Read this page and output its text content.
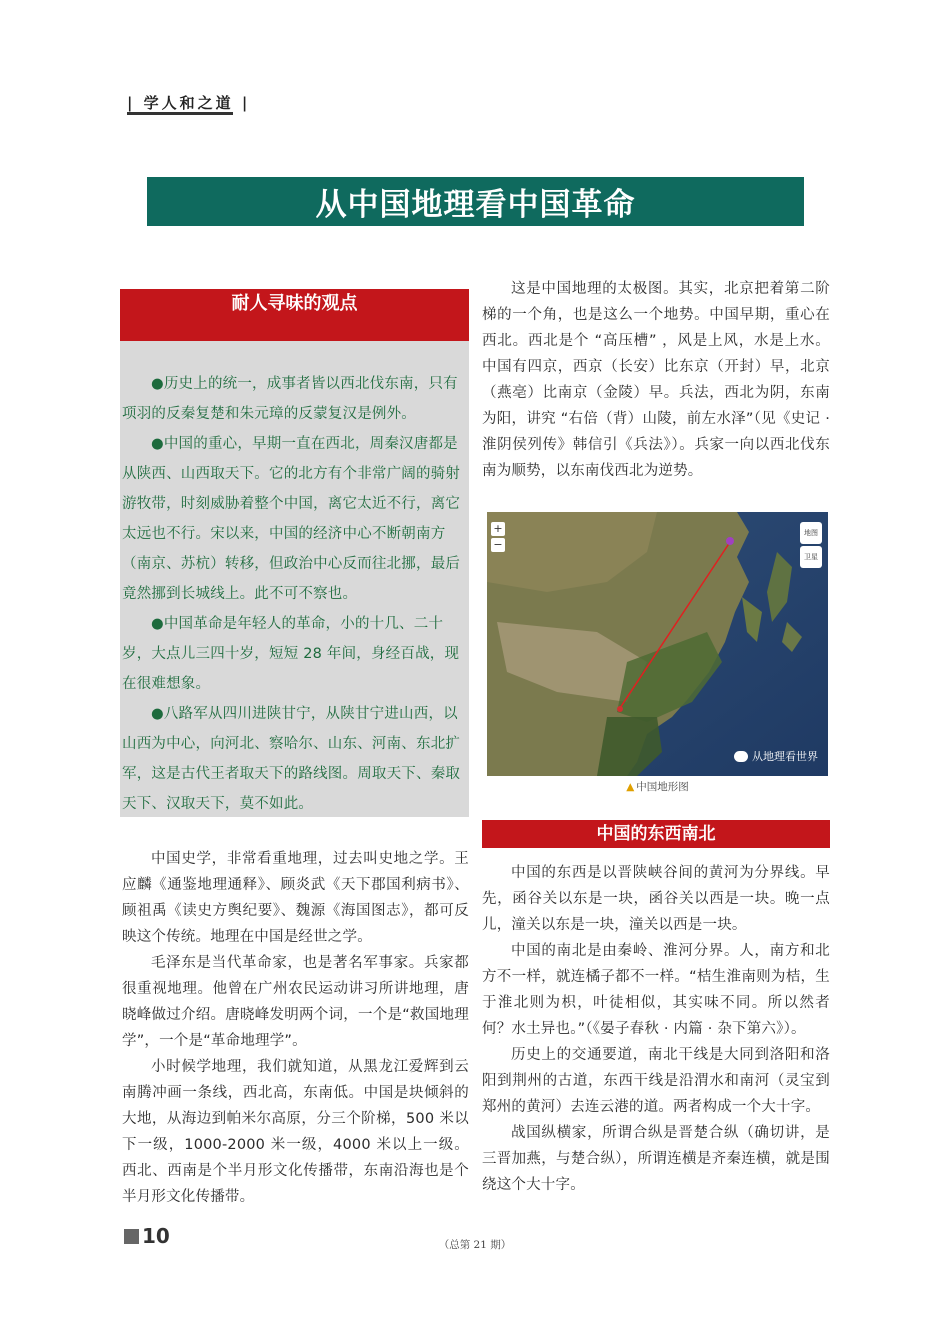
| 学人和之道 |
从中国地理看中国革命
耐人寻味的观点

●历史上的统一，成事者皆以西北伐东南，只有项羽的反秦复楚和朱元璋的反蒙复汉是例外。

●中国的重心，早期一直在西北，周秦汉唐都是从陕西、山西取天下。它的北方有个非常广阔的骑射游牧带，时刻威胁着整个中国，离它太近不行，离它太远也不行。宋以来，中国的经济中心不断朝南方（南京、苏杭）转移，但政治中心反而往北挪，最后竟然挪到长城线上。此不可不察也。

●中国革命是年轻人的革命，小的十几、二十岁，大点儿三四十岁，短短 28 年间，身经百战，现在很难想象。

●八路军从四川进陕甘宁，从陕甘宁进山西，以山西为中心，向河北、察哈尔、山东、河南、东北扩军，这是古代王者取天下的路线图。周取天下、秦取天下、汉取天下，莫不如此。

中国史学，非常看重地理，过去叫史地之学。王应麟《通鉴地理通释》、顾炎武《天下郡国利病书》、顾祖禹《读史方舆纪要》、魏源《海国图志》，都可反映这个传统。地理在中国是经世之学。

毛泽东是当代革命家，也是著名军事家。兵家都很重视地理。他曾在广州农民运动讲习所讲地理，唐晓峰做过介绍。唐晓峰发明两个词，一个是“救国地理学”，一个是“革命地理学”。

小时候学地理，我们就知道，从黑龙江爱辉到云南腾冲画一条线，西北高，东南低。中国是块倾斜的大地，从海边到帕米尔高原，分三个阶梯，500 米以下一级，1000-2000 米一级，4000 米以上一级。西北、西南是个半月形文化传播带，东南沿海也是个半月形文化传播带。

这是中国地理的太极图。其实，北京把着第二阶梯的一个角，也是这么一个地势。中国早期，重心在西北。西北是个 “高压槽” ，风是上风，水是上水。中国有四京，西京（长安）比东京（开封）早，北京（燕亳）比南京（金陵）早。兵法，西北为阴，东南为阳，讲究 “右倍（背）山陵，前左水泽”（见《史记 · 淮阴侯列传》韩信引《兵法》）。兵家一向以西北伐东南为顺势，以东南伐西北为逆势。

地图
卫星
+
−
从地理看世界
▲ 中国地形图
中国的东西南北

中国的东西是以晋陕峡谷间的黄河为分界线。早先，函谷关以东是一块，函谷关以西是一块。晚一点儿，潼关以东是一块，潼关以西是一块。

中国的南北是由秦岭、淮河分界。人，南方和北方不一样，就连橘子都不一样。“桔生淮南则为桔，生于淮北则为枳，叶徒相似，其实味不同。所以然者何？水土异也。”（《晏子春秋 · 内篇 · 杂下第六》）。

历史上的交通要道，南北干线是大同到洛阳和洛阳到荆州的古道，东西干线是沿渭水和南河（灵宝到郑州的黄河）去连云港的道。两者构成一个大十字。

战国纵横家，所谓合纵是晋楚合纵（确切讲，是三晋加燕，与楚合纵），所谓连横是齐秦连横，就是围绕这个大十字。

10	（总第 21 期）
